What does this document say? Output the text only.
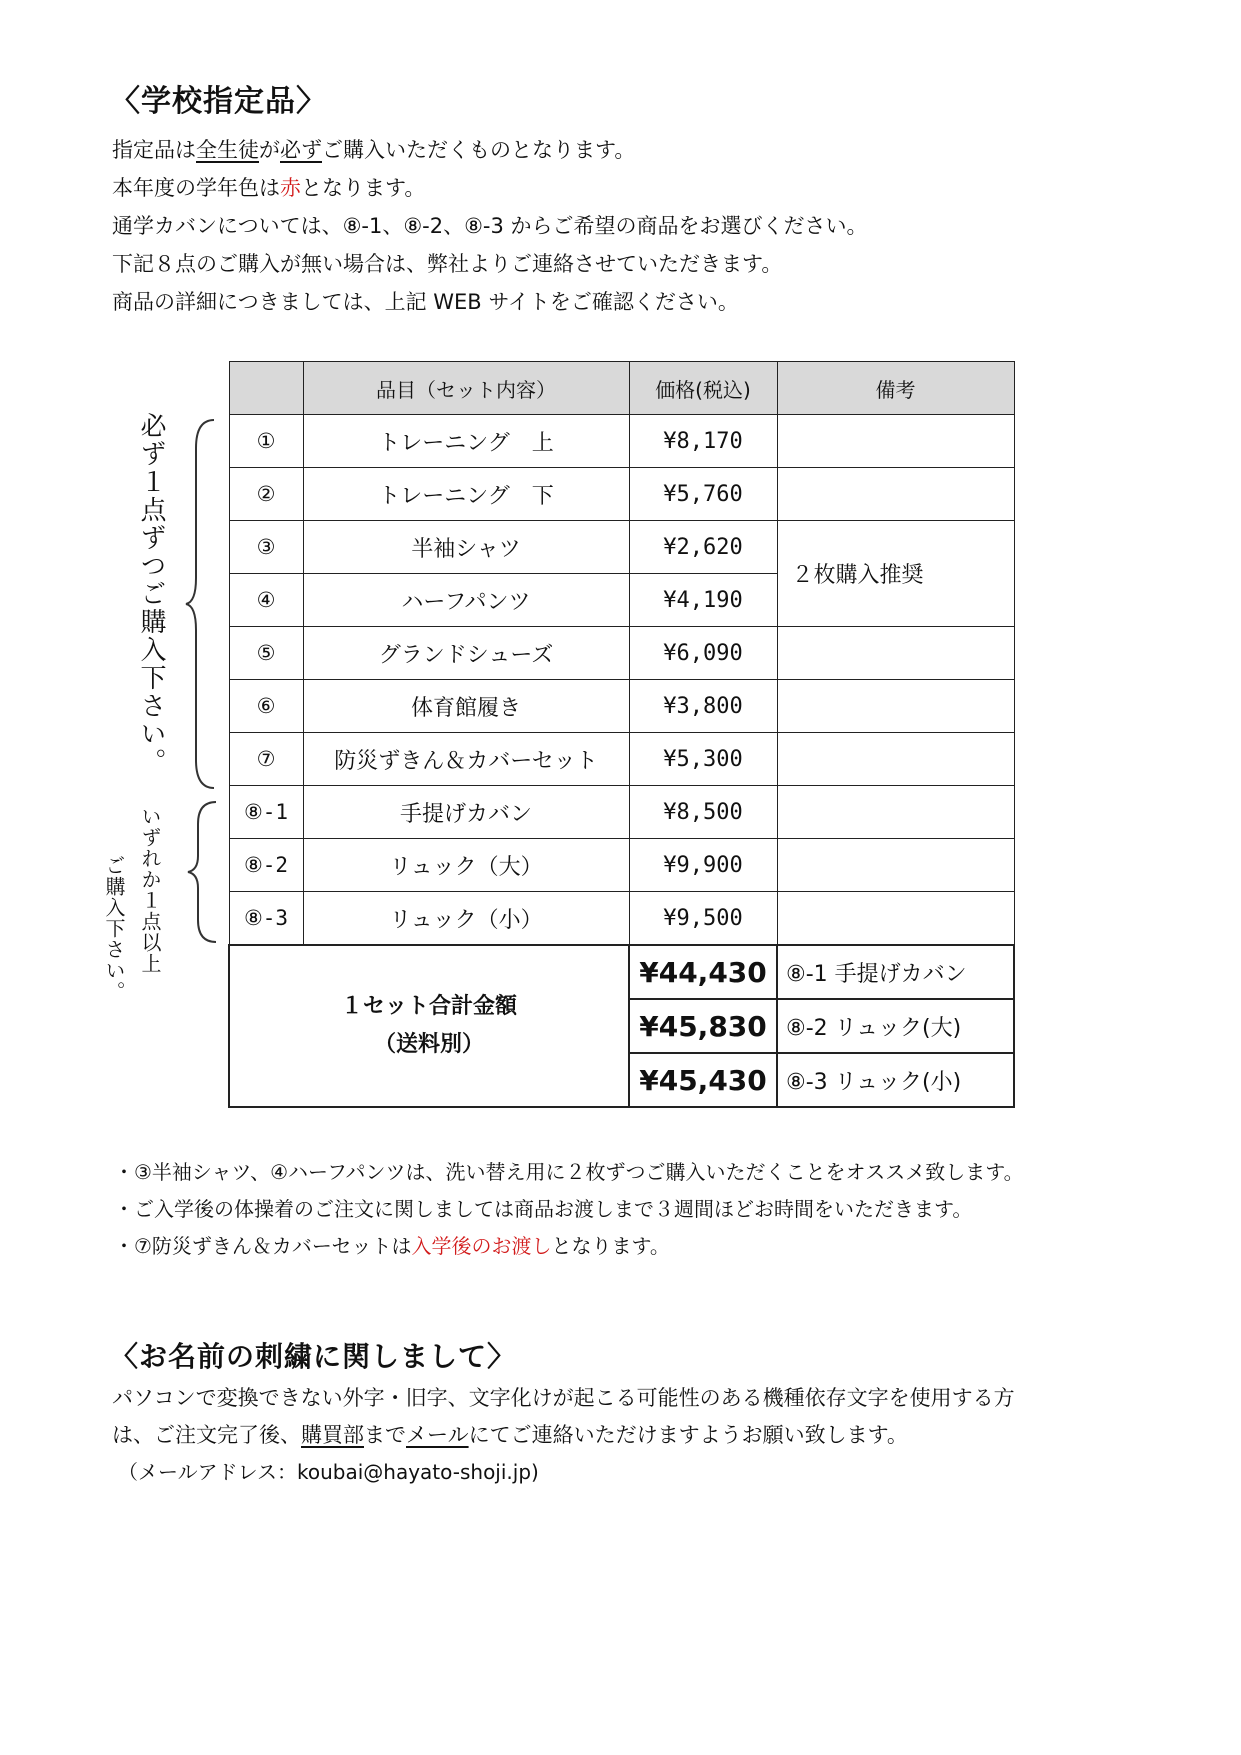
〈学校指定品〉
指定品は全生徒が必ずご購入いただくものとなります。
本年度の学年色は赤となります。
通学カバンについては、⑧-1、⑧-2、⑧-3 からご希望の商品をお選びください。
下記８点のご購入が無い場合は、弊社よりご連絡させていただきます。
商品の詳細につきましては、上記 WEB サイトをご確認ください。
必ず１点ずつご購入下さい。
いずれか１点以上
ご購入下さい。
	品目（セット内容）	価格(税込)	備考
①	トレーニング　上	¥8,170	
②	トレーニング　下	¥5,760	
③	半袖シャツ	¥2,620	２枚購入推奨
④	ハーフパンツ	¥4,190	
⑤	グランドシューズ	¥6,090	
⑥	体育館履き	¥3,800	
⑦	防災ずきん＆カバーセット	¥5,300	
⑧-1	手提げカバン	¥8,500	
⑧-2	リュック（大）	¥9,900	
⑧-3	リュック（小）	¥9,500	

１セット合計金額
（送料別）		¥44,430	⑧-1 手提げカバン
		¥45,830	⑧-2 リュック(大)
		¥45,430	⑧-3 リュック(小)
・③半袖シャツ、④ハーフパンツは、洗い替え用に２枚ずつご購入いただくことをオススメ致します。
・ご入学後の体操着のご注文に関しましては商品お渡しまで３週間ほどお時間をいただきます。
・⑦防災ずきん＆カバーセットは入学後のお渡しとなります。
〈お名前の刺繍に関しまして〉
パソコンで変換できない外字・旧字、文字化けが起こる可能性のある機種依存文字を使用する方
は、ご注文完了後、購買部までメールにてご連絡いただけますようお願い致します。
（メールアドレス：koubai@hayato-shoji.jp)
